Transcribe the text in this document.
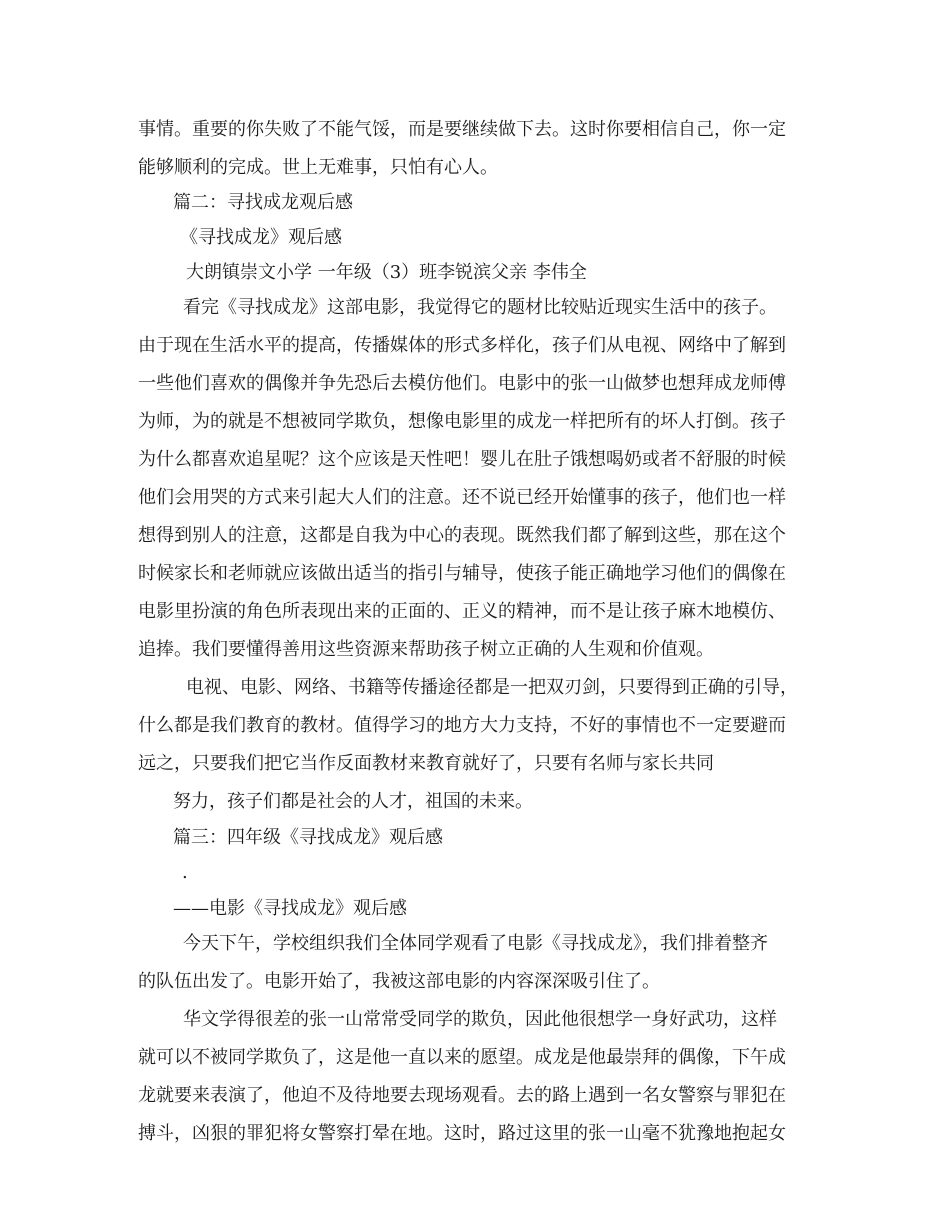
事情。重要的你失败了不能气馁，而是要继续做下去。这时你要相信自己，你一定
能够顺利的完成。世上无难事，只怕有心人。
篇二：寻找成龙观后感
《寻找成龙》观后感
大朗镇崇文小学 一年级（3）班李锐滨父亲 李伟全
看完《寻找成龙》这部电影，我觉得它的题材比较贴近现实生活中的孩子。
由于现在生活水平的提高，传播媒体的形式多样化，孩子们从电视、网络中了解到
一些他们喜欢的偶像并争先恐后去模仿他们。电影中的张一山做梦也想拜成龙师傅
为师，为的就是不想被同学欺负，想像电影里的成龙一样把所有的坏人打倒。孩子
为什么都喜欢追星呢？这个应该是天性吧！婴儿在肚子饿想喝奶或者不舒服的时候
他们会用哭的方式来引起大人们的注意。还不说已经开始懂事的孩子，他们也一样
想得到别人的注意，这都是自我为中心的表现。既然我们都了解到这些，那在这个
时候家长和老师就应该做出适当的指引与辅导，使孩子能正确地学习他们的偶像在
电影里扮演的角色所表现出来的正面的、正义的精神，而不是让孩子麻木地模仿、
追捧。我们要懂得善用这些资源来帮助孩子树立正确的人生观和价值观。
电视、电影、网络、书籍等传播途径都是一把双刃剑，只要得到正确的引导，
什么都是我们教育的教材。值得学习的地方大力支持，不好的事情也不一定要避而
远之，只要我们把它当作反面教材来教育就好了，只要有名师与家长共同
努力，孩子们都是社会的人才，祖国的未来。
篇三：四年级《寻找成龙》观后感
.
——电影《寻找成龙》观后感
今天下午，学校组织我们全体同学观看了电影《寻找成龙》，我们排着整齐
的队伍出发了。电影开始了，我被这部电影的内容深深吸引住了。
华文学得很差的张一山常常受同学的欺负，因此他很想学一身好武功，这样
就可以不被同学欺负了，这是他一直以来的愿望。成龙是他最崇拜的偶像，下午成
龙就要来表演了，他迫不及待地要去现场观看。去的路上遇到一名女警察与罪犯在
搏斗，凶狠的罪犯将女警察打晕在地。这时，路过这里的张一山毫不犹豫地抱起女
